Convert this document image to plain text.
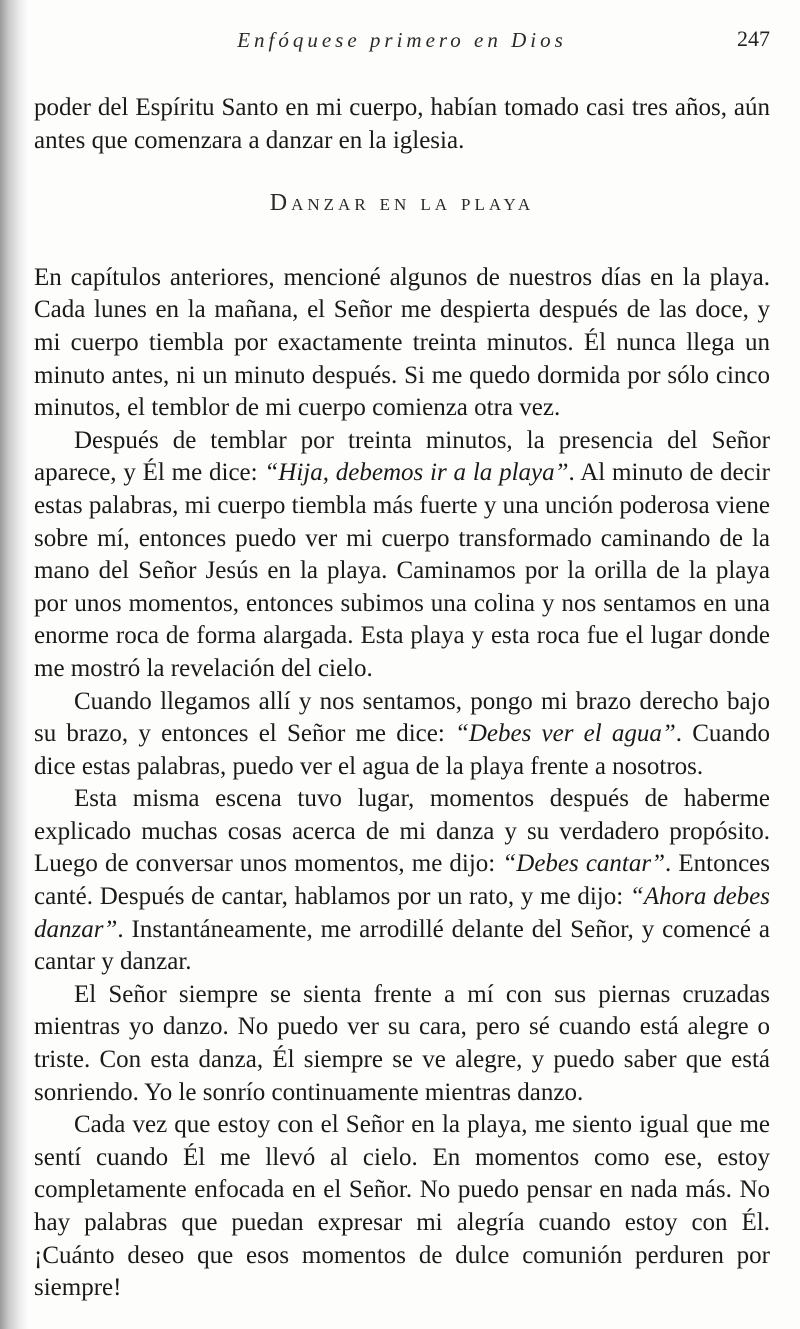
Enfóquese primero en Dios	247

poder del Espíritu Santo en mi cuerpo, habían tomado casi tres años, aún antes que comenzara a danzar en la iglesia.

Danzar en la playa

En capítulos anteriores, mencioné algunos de nuestros días en la playa. Cada lunes en la mañana, el Señor me despierta después de las doce, y mi cuerpo tiembla por exactamente treinta minutos. Él nunca llega un minuto antes, ni un minuto después. Si me quedo dormida por sólo cinco minutos, el temblor de mi cuerpo comienza otra vez.

Después de temblar por treinta minutos, la presencia del Señor aparece, y Él me dice: “Hija, debemos ir a la playa”. Al minuto de decir estas palabras, mi cuerpo tiembla más fuerte y una unción poderosa viene sobre mí, entonces puedo ver mi cuerpo transformado caminando de la mano del Señor Jesús en la playa. Caminamos por la orilla de la playa por unos momentos, entonces subimos una colina y nos sentamos en una enorme roca de forma alargada. Esta playa y esta roca fue el lugar donde me mostró la revelación del cielo.

Cuando llegamos allí y nos sentamos, pongo mi brazo derecho bajo su brazo, y entonces el Señor me dice: “Debes ver el agua”. Cuando dice estas palabras, puedo ver el agua de la playa frente a nosotros.

Esta misma escena tuvo lugar, momentos después de haberme explicado muchas cosas acerca de mi danza y su verdadero propósito. Luego de conversar unos momentos, me dijo: “Debes cantar”. Entonces canté. Después de cantar, hablamos por un rato, y me dijo: “Ahora debes danzar”. Instantáneamente, me arrodillé delante del Señor, y comencé a cantar y danzar.

El Señor siempre se sienta frente a mí con sus piernas cruzadas mientras yo danzo. No puedo ver su cara, pero sé cuando está alegre o triste. Con esta danza, Él siempre se ve alegre, y puedo saber que está sonriendo. Yo le sonrío continuamente mientras danzo.

Cada vez que estoy con el Señor en la playa, me siento igual que me sentí cuando Él me llevó al cielo. En momentos como ese, estoy completamente enfocada en el Señor. No puedo pensar en nada más. No hay palabras que puedan expresar mi alegría cuando estoy con Él. ¡Cuánto deseo que esos momentos de dulce comunión perduren por siempre!
